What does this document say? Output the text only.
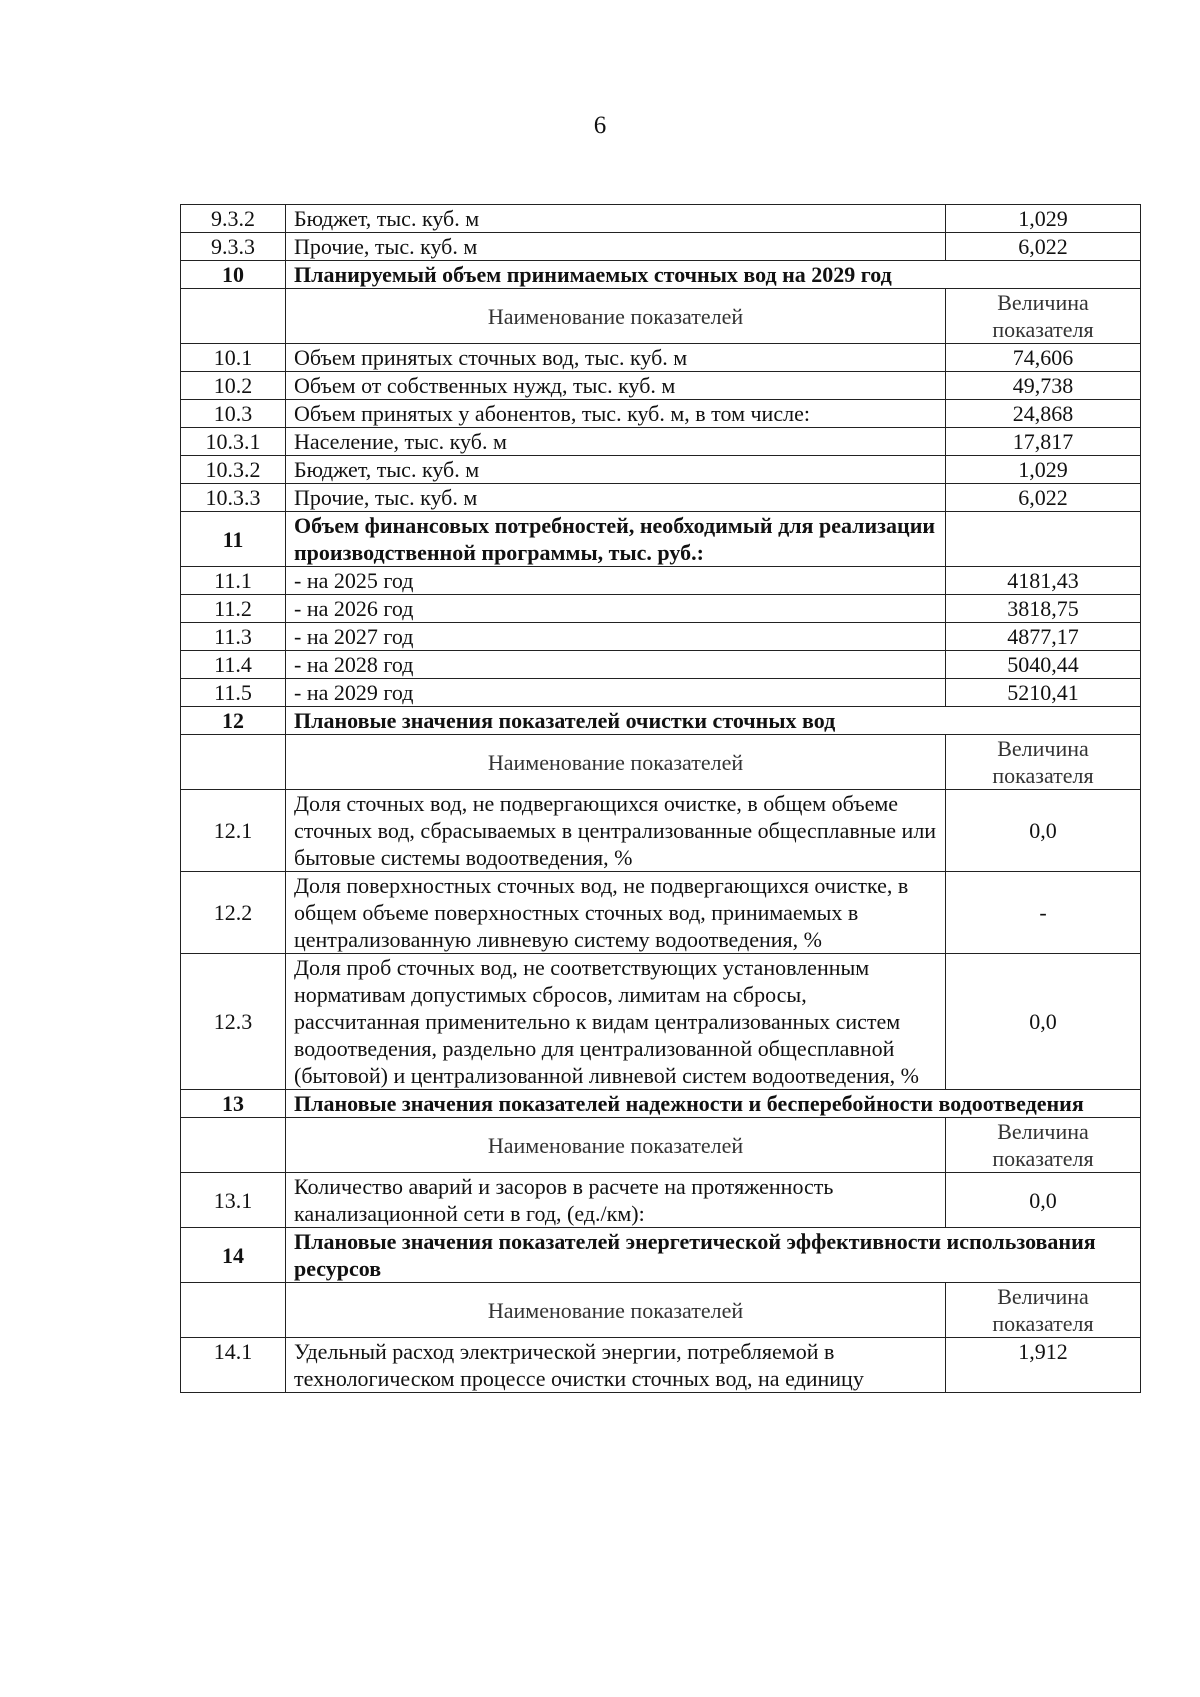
6
9.3.2	Бюджет, тыс. куб. м	1,029
9.3.3	Прочие, тыс. куб. м	6,022
10	Планируемый объем принимаемых сточных вод на 2029 год	
	Наименование показателей	Величина показателя
10.1	Объем принятых сточных вод, тыс. куб. м	74,606
10.2	Объем от собственных нужд, тыс. куб. м	49,738
10.3	Объем принятых у абонентов, тыс. куб. м, в том числе:	24,868
10.3.1	Население, тыс. куб. м	17,817
10.3.2	Бюджет, тыс. куб. м	1,029
10.3.3	Прочие, тыс. куб. м	6,022
11	Объем финансовых потребностей, необходимый для реализации производственной программы, тыс. руб.:	
11.1	- на 2025 год	4181,43
11.2	- на 2026 год	3818,75
11.3	- на 2027 год	4877,17
11.4	- на 2028 год	5040,44
11.5	- на 2029 год	5210,41
12	Плановые значения показателей очистки сточных вод	
	Наименование показателей	Величина показателя
12.1	Доля сточных вод, не подвергающихся очистке, в общем объеме сточных вод, сбрасываемых в централизованные общесплавные или бытовые системы водоотведения, %	0,0
12.2	Доля поверхностных сточных вод, не подвергающихся очистке, в общем объеме поверхностных сточных вод, принимаемых в централизованную ливневую систему водоотведения, %	-
12.3	Доля проб сточных вод, не соответствующих установленным нормативам допустимых сбросов, лимитам на сбросы, рассчитанная применительно к видам централизованных систем водоотведения, раздельно для централизованной общесплавной (бытовой) и централизованной ливневой систем водоотведения, %	0,0
13	Плановые значения показателей надежности и бесперебойности водоотведения	
	Наименование показателей	Величина показателя
13.1	Количество аварий и засоров в расчете на протяженность канализационной сети в год, (ед./км):	0,0
14	Плановые значения показателей энергетической эффективности использования ресурсов	
	Наименование показателей	Величина показателя
14.1	Удельный расход электрической энергии, потребляемой в технологическом процессе очистки сточных вод, на единицу	1,912
